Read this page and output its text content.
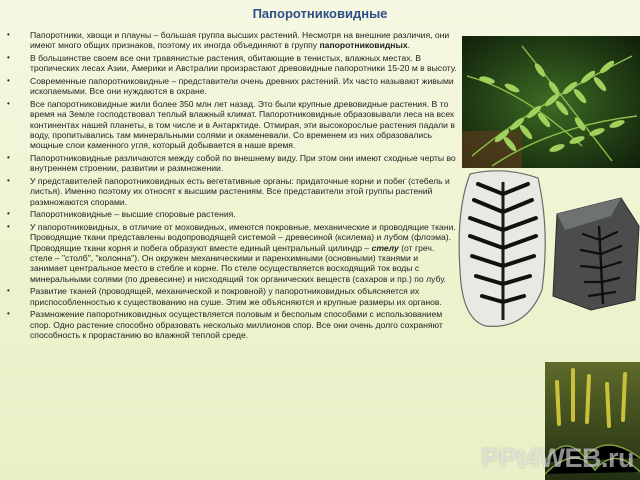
Папоротниковидные
• Папоротники, хвощи и плауны – большая группа высших растений. Несмотря на внешние различия, они имеют много общих признаков, поэтому их иногда объединяют в группу папоротниковидных.
• В большинстве своем все они травянистые растения, обитающие в тенистых, влажных местах. В тропических лесах Азии, Америки и Австралии произрастают древовидные папоротники 15-20 м в высоту.
• Современные папоротниковидные – представители очень древних растений. Их часто называют живыми ископаемыми. Все они нуждаются в охране.
• Все папоротниковидные жили более 350 млн лет назад. Это были крупные древовидные растения. В то время на Земле господствовал теплый влажный климат. Папоротниковидные образовывали леса на всех континентах нашей планеты, в том числе и в Антарктиде. Отмирая, эти высокорослые растения падали в воду, пропитывались там минеральными солями и окаменевали. Со временем из них образовались мощные слои каменного угля, который добывается в наше время.
• Папоротниковидные различаются между собой по внешнему виду. При этом они имеют сходные черты во внутреннем строении, развитии и размножении.
• У представителей папоротниковидных есть вегетативные органы: придаточные корни и побег (стебель и листья). Именно поэтому их относят к высшим растениям. Все представители этой группы растений размножаются спорами.
• Папоротниковидные – высшие споровые растения.
• У папоротниковидных, в отличие от моховидных, имеются покровные, механические и проводящие ткани. Проводящие ткани представлены водопроводящей системой – древесиной (ксилема) и лубом (флоэма). Проводящие ткани корня и побега образуют вместе единый центральный цилиндр – стелу (от греч. стеле – "столб", "колонна"). Он окружен механическими и паренхимными (основными) тканями и занимает центральное место в стебле и корне. По стеле осуществляется восходящий ток воды с минеральными солями (по древесине) и нисходящий ток органических веществ (сахаров и пр.) по лубу.
• Развитие тканей (проводящей, механической и покровной) у папоротниковидных объясняется их приспособленностью к существованию на суше. Этим же объясняются и крупные размеры их органов.
• Размножение папоротниковидных осуществляется половым и бесполым способами с использованием спор. Одно растение способно образовать несколько миллионов спор. Все они очень долго сохраняют способность к прорастанию во влажной теплой среде.
PPt4WEB.ru
